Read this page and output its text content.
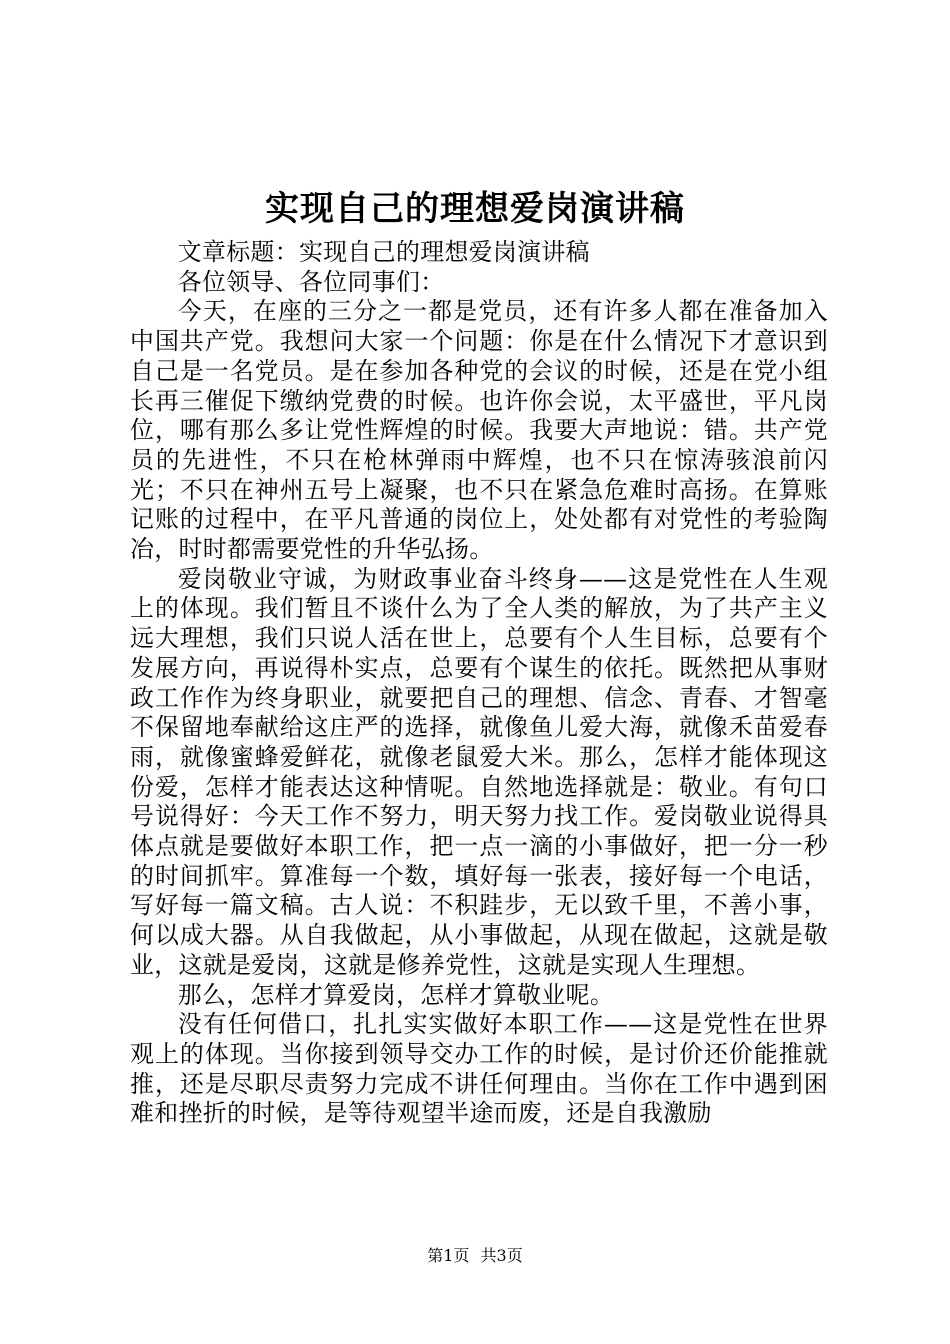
实现自己的理想爱岗演讲稿

文章标题：实现自己的理想爱岗演讲稿

各位领导、各位同事们：

今天，在座的三分之一都是党员，还有许多人都在准备加入中国共产党。我想问大家一个问题：你是在什么情况下才意识到自己是一名党员。是在参加各种党的会议的时候，还是在党小组长再三催促下缴纳党费的时候。也许你会说，太平盛世，平凡岗位，哪有那么多让党性辉煌的时候。我要大声地说：错。共产党员的先进性，不只在枪林弹雨中辉煌，也不只在惊涛骇浪前闪光；不只在神州五号上凝聚，也不只在紧急危难时高扬。在算账记账的过程中，在平凡普通的岗位上，处处都有对党性的考验陶冶，时时都需要党性的升华弘扬。

爱岗敬业守诚，为财政事业奋斗终身——这是党性在人生观上的体现。我们暂且不谈什么为了全人类的解放，为了共产主义远大理想，我们只说人活在世上，总要有个人生目标，总要有个发展方向，再说得朴实点，总要有个谋生的依托。既然把从事财政工作作为终身职业，就要把自己的理想、信念、青春、才智毫不保留地奉献给这庄严的选择，就像鱼儿爱大海，就像禾苗爱春雨，就像蜜蜂爱鲜花，就像老鼠爱大米。那么，怎样才能体现这份爱，怎样才能表达这种情呢。自然地选择就是：敬业。有句口号说得好：今天工作不努力，明天努力找工作。爱岗敬业说得具体点就是要做好本职工作，把一点一滴的小事做好，把一分一秒的时间抓牢。算准每一个数，填好每一张表，接好每一个电话，写好每一篇文稿。古人说：不积跬步，无以致千里，不善小事，何以成大器。从自我做起，从小事做起，从现在做起，这就是敬业，这就是爱岗，这就是修养党性，这就是实现人生理想。

那么，怎样才算爱岗，怎样才算敬业呢。

没有任何借口，扎扎实实做好本职工作——这是党性在世界观上的体现。当你接到领导交办工作的时候，是讨价还价能推就推，还是尽职尽责努力完成不讲任何理由。当你在工作中遇到困难和挫折的时候，是等待观望半途而废，还是自我激励

第1页 共3页
